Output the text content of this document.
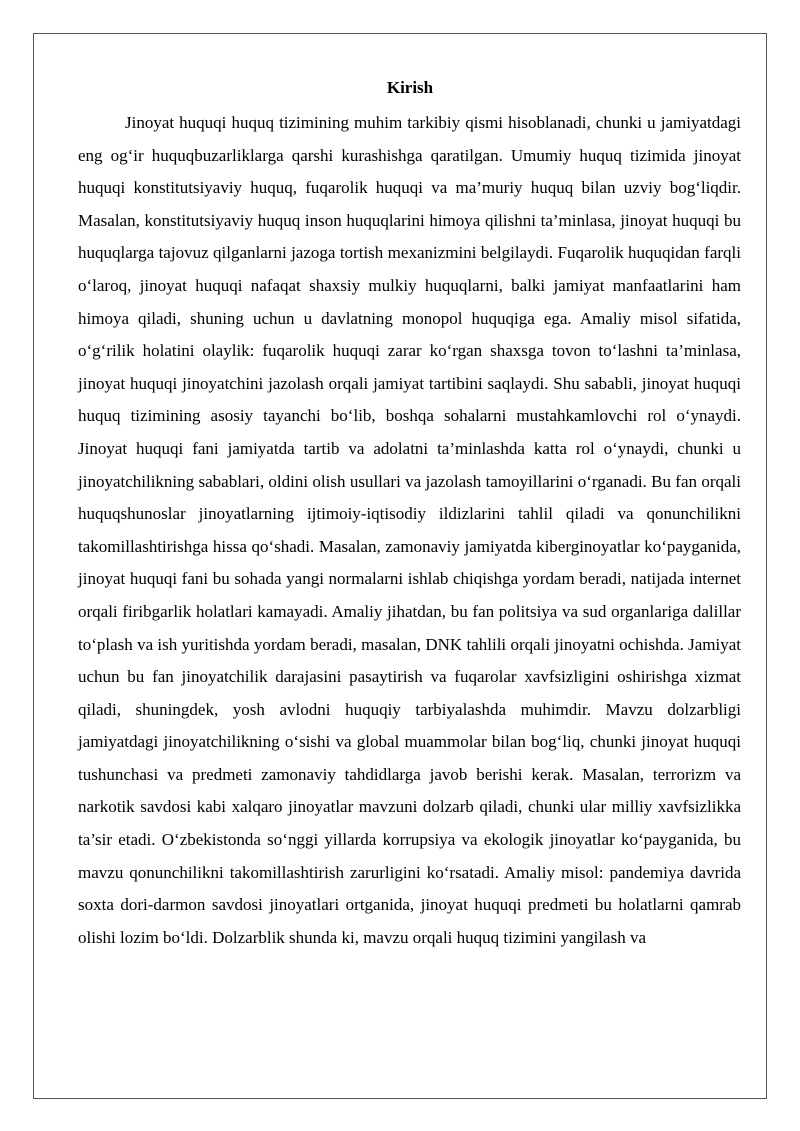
Kirish

Jinoyat huquqi huquq tizimining muhim tarkibiy qismi hisoblanadi, chunki u jamiyatdagi eng og‘ir huquqbuzarliklarga qarshi kurashishga qaratilgan. Umumiy huquq tizimida jinoyat huquqi konstitutsiyaviy huquq, fuqarolik huquqi va ma’muriy huquq bilan uzviy bog‘liqdir. Masalan, konstitutsiyaviy huquq inson huquqlarini himoya qilishni ta’minlasa, jinoyat huquqi bu huquqlarga tajovuz qilganlarni jazoga tortish mexanizmini belgilaydi. Fuqarolik huquqidan farqli o‘laroq, jinoyat huquqi nafaqat shaxsiy mulkiy huquqlarni, balki jamiyat manfaatlarini ham himoya qiladi, shuning uchun u davlatning monopol huquqiga ega. Amaliy misol sifatida, o‘g‘rilik holatini olaylik: fuqarolik huquqi zarar ko‘rgan shaxsga tovon to‘lashni ta’minlasa, jinoyat huquqi jinoyatchini jazolash orqali jamiyat tartibini saqlaydi. Shu sababli, jinoyat huquqi huquq tizimining asosiy tayanchi bo‘lib, boshqa sohalarni mustahkamlovchi rol o‘ynaydi. Jinoyat huquqi fani jamiyatda tartib va adolatni ta’minlashda katta rol o‘ynaydi, chunki u jinoyatchilikning sabablari, oldini olish usullari va jazolash tamoyillarini o‘rganadi. Bu fan orqali huquqshunoslar jinoyatlarning ijtimoiy-iqtisodiy ildizlarini tahlil qiladi va qonunchilikni takomillashtirishga hissa qo‘shadi. Masalan, zamonaviy jamiyatda kiberginoyatlar ko‘payganida, jinoyat huquqi fani bu sohada yangi normalarni ishlab chiqishga yordam beradi, natijada internet orqali firibgarlik holatlari kamayadi. Amaliy jihatdan, bu fan politsiya va sud organlariga dalillar to‘plash va ish yuritishda yordam beradi, masalan, DNK tahlili orqali jinoyatni ochishda. Jamiyat uchun bu fan jinoyatchilik darajasini pasaytirish va fuqarolar xavfsizligini oshirishga xizmat qiladi, shuningdek, yosh avlodni huquqiy tarbiyalashda muhimdir. Mavzu dolzarbligi jamiyatdagi jinoyatchilikning o‘sishi va global muammolar bilan bog‘liq, chunki jinoyat huquqi tushunchasi va predmeti zamonaviy tahdidlarga javob berishi kerak. Masalan, terrorizm va narkotik savdosi kabi xalqaro jinoyatlar mavzuni dolzarb qiladi, chunki ular milliy xavfsizlikka ta’sir etadi. O‘zbekistonda so‘nggi yillarda korrupsiya va ekologik jinoyatlar ko‘payganida, bu mavzu qonunchilikni takomillashtirish zarurligini ko‘rsatadi. Amaliy misol: pandemiya davrida soxta dori-darmon savdosi jinoyatlari ortganida, jinoyat huquqi predmeti bu holatlarni qamrab olishi lozim bo‘ldi. Dolzarblik shunda ki, mavzu orqali huquq tizimini yangilash va
